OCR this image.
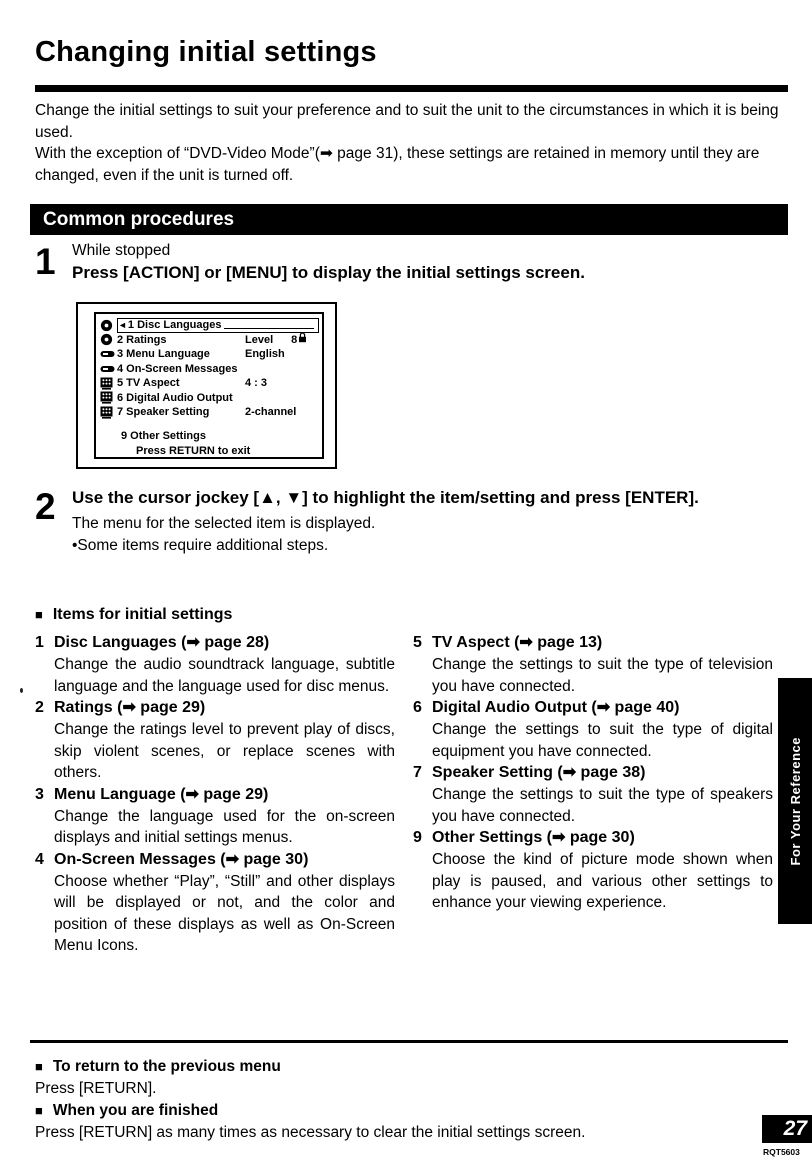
Changing initial settings

Change the initial settings to suit your preference and to suit the unit to the circumstances in which it is being used.

With the exception of “DVD-Video Mode”(➡ page 31), these settings are retained in memory until they are changed, even if the unit is turned off.

Common procedures
1 While stopped
Press [ACTION] or [MENU] to display the initial settings screen.
◄ 1 Disc Languages
2 Ratings	Level 8
3 Menu Language	English
4 On-Screen Messages
5 TV Aspect	4 : 3
6 Digital Audio Output
7 Speaker Setting	2-channel
9 Other Settings
Press RETURN to exit
2 Use the cursor jockey [▲, ▼] to highlight the item/setting and press [ENTER].

The menu for the selected item is displayed.

•Some items require additional steps.

■ Items for initial settings
1 Disc Languages (➡ page 28)

Change the audio soundtrack language, subtitle language and the language used for disc menus.

2 Ratings (➡ page 29)

Change the ratings level to prevent play of discs, skip violent scenes, or replace scenes with others.

3 Menu Language (➡ page 29)

Change the language used for the on-screen displays and initial settings menus.

4 On-Screen Messages (➡ page 30)

Choose whether “Play”, “Still” and other displays will be displayed or not, and the color and position of these displays as well as On-Screen Menu Icons.

5 TV Aspect (➡ page 13)

Change the settings to suit the type of television you have connected.

6 Digital Audio Output (➡ page 40)

Change the settings to suit the type of digital equipment you have connected.

7 Speaker Setting (➡ page 38)

Change the settings to suit the type of speakers you have connected.

9 Other Settings (➡ page 30)

Choose the kind of picture mode shown when play is paused, and various other settings to enhance your viewing experience.

■ To return to the previous menu

Press [RETURN].

■ When you are finished

Press [RETURN] as many times as necessary to clear the initial settings screen.

For Your Reference
27
RQT5603
